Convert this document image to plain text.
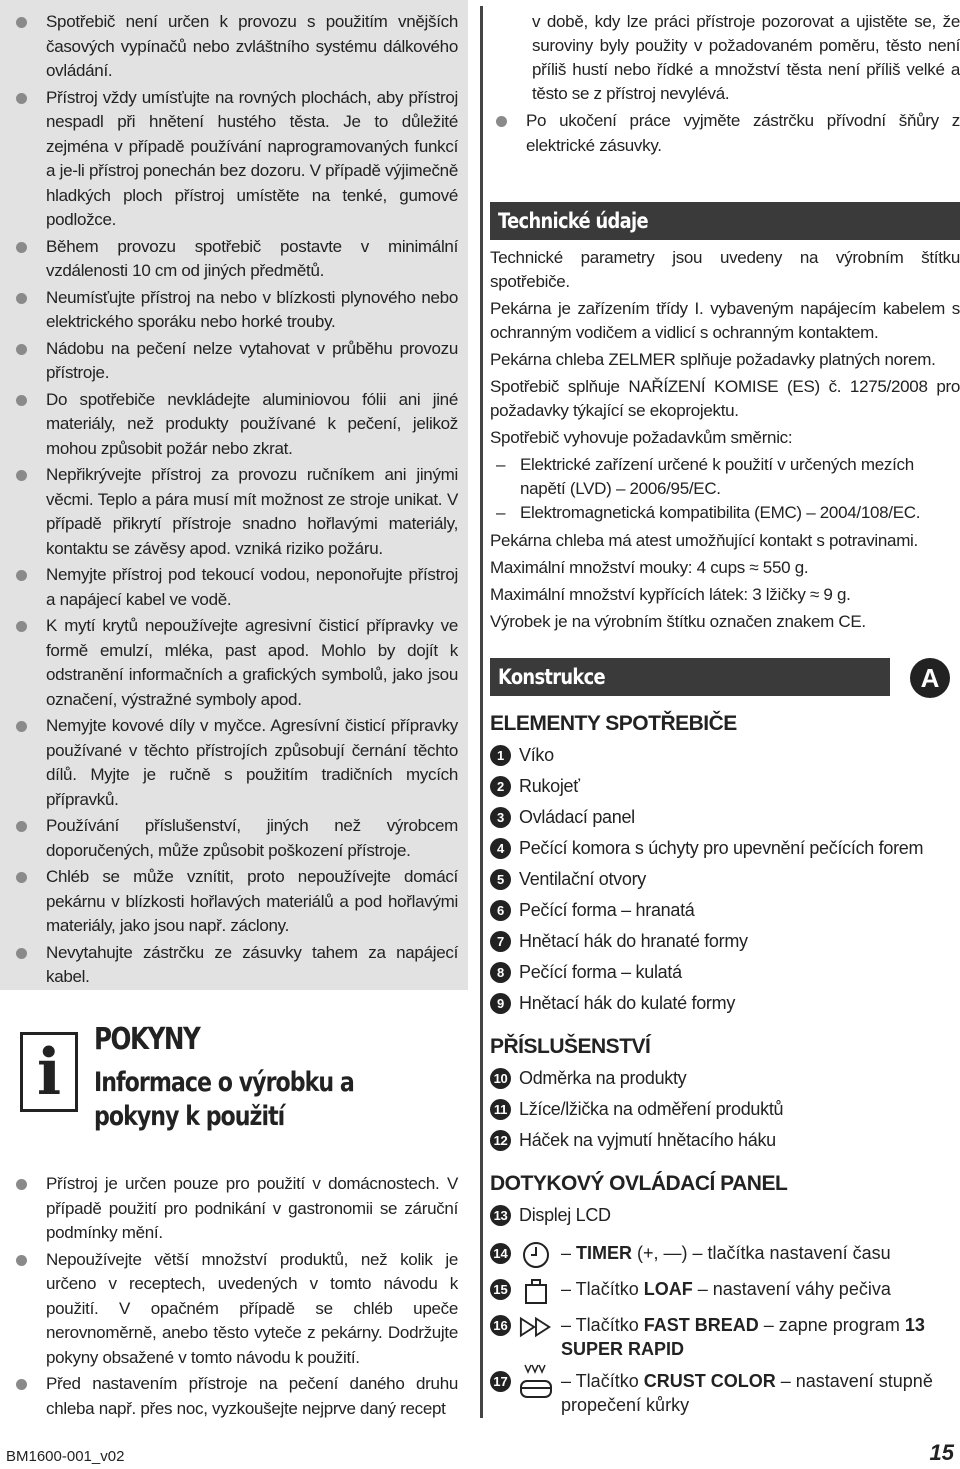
Spotřebič není určen k provozu s použitím vnějších časových vypínačů nebo zvláštního systému dálkového ovládání.
Přístroj vždy umísťujte na rovných plochách, aby přístroj nespadl při hnětení hustého těsta. Je to důležité zejména v případě používání naprogramovaných funkcí a je-li přístroj ponechán bez dozoru. V případě výjimečně hladkých ploch přístroj umístěte na tenké, gumové podložce.
Během provozu spotřebič postavte v minimální vzdálenosti 10 cm od jiných předmětů.
Neumísťujte přístroj na nebo v blízkosti plynového nebo elektrického sporáku nebo horké trouby.
Nádobu na pečení nelze vytahovat v průběhu provozu přístroje.
Do spotřebiče nevkládejte aluminiovou fólii ani jiné materiály, než produkty používané k pečení, jelikož mohou způsobit požár nebo zkrat.
Nepřikrývejte přístroj za provozu ručníkem ani jinými věcmi. Teplo a pára musí mít možnost ze stroje unikat. V případě přikrytí přístroje snadno hořlavými materiály, kontaktu se závěsy apod. vzniká riziko požáru.
Nemyjte přístroj pod tekoucí vodou, neponořujte přístroj a napájecí kabel ve vodě.
K mytí krytů nepoužívejte agresivní čisticí přípravky ve formě emulzí, mléka, past apod. Mohlo by dojít k odstranění informačních a grafických symbolů, jako jsou označení, výstražné symboly apod.
Nemyjte kovové díly v myčce. Agresívní čisticí přípravky používané v těchto přístrojích způsobují černání těchto dílů. Myjte je ručně s použitím tradičních mycích přípravků.
Používání příslušenství, jiných než výrobcem doporučených, může způsobit poškození přístroje.
Chléb se může vznítit, proto nepoužívejte domácí pekárnu v blízkosti hořlavých materiálů a pod hořlavými materiály, jako jsou např. záclony.
Nevytahujte zástrčku ze zásuvky tahem za napájecí kabel.
i	POKYNY
Informace o výrobku a pokyny k použití
Přístroj je určen pouze pro použití v domácnostech. V případě použití pro podnikání v gastronomii se záruční podmínky mění.
Nepoužívejte větší množství produktů, než kolik je určeno v receptech, uvedených v tomto návodu k použití. V opačném případě se chléb upeče nerovnoměrně, anebo těsto vyteče z pekárny. Dodržujte pokyny obsažené v tomto návodu k použití.
Před nastavením přístroje na pečení daného druhu chleba např. přes noc, vyzkoušejte nejprve daný recept
v době, kdy lze práci přístroje pozorovat a ujistěte se, že suroviny byly použity v požadovaném poměru, těsto není příliš hustí nebo řídké a množství těsta není příliš velké a těsto se z přístroj nevylévá.
Po ukočení práce vyjměte zástrčku přívodní šňůry z elektrické zásuvky.
Technické údaje
Technické parametry jsou uvedeny na výrobním štítku spotřebiče.
Pekárna je zařízením třídy I. vybaveným napájecím kabelem s ochranným vodičem a vidlicí s ochranným kontaktem.
Pekárna chleba ZELMER splňuje požadavky platných norem.
Spotřebič splňuje NAŘÍZENÍ KOMISE (ES) č. 1275/2008 pro požadavky týkající se ekoprojektu.
Spotřebič vyhovuje požadavkům směrnic:
– Elektrické zařízení určené k použití v určených mezích napětí (LVD) – 2006/95/EC.
– Elektromagnetická kompatibilita (EMC) – 2004/108/EC.
Pekárna chleba má atest umožňující kontakt s potravinami.
Maximální množství mouky: 4 cups ≈ 550 g.
Maximální množství kypřících látek: 3 lžičky ≈ 9 g.
Výrobek je na výrobním štítku označen znakem CE.
Konstrukce	A
ELEMENTY SPOTŘEBIČE
1 Víko
2 Rukojeť
3 Ovládací panel
4 Pečící komora s úchyty pro upevnění pečících forem
5 Ventilační otvory
6 Pečící forma – hranatá
7 Hnětací hák do hranaté formy
8 Pečící forma – kulatá
9 Hnětací hák do kulaté formy
PŘÍSLUŠENSTVÍ
10 Odměrka na produkty
11 Lžíce/lžička na odměření produktů
12 Háček na vyjmutí hnětacího háku
DOTYKOVÝ OVLÁDACÍ PANEL
13 Displej LCD
14	– TIMER (+, —) – tlačítka nastavení času
15	– Tlačítko LOAF – nastavení váhy pečiva
16	– Tlačítko FAST BREAD – zapne program 13 SUPER RAPID
17	– Tlačítko CRUST COLOR – nastavení stupně propečení kůrky
BM1600-001_v02	15
